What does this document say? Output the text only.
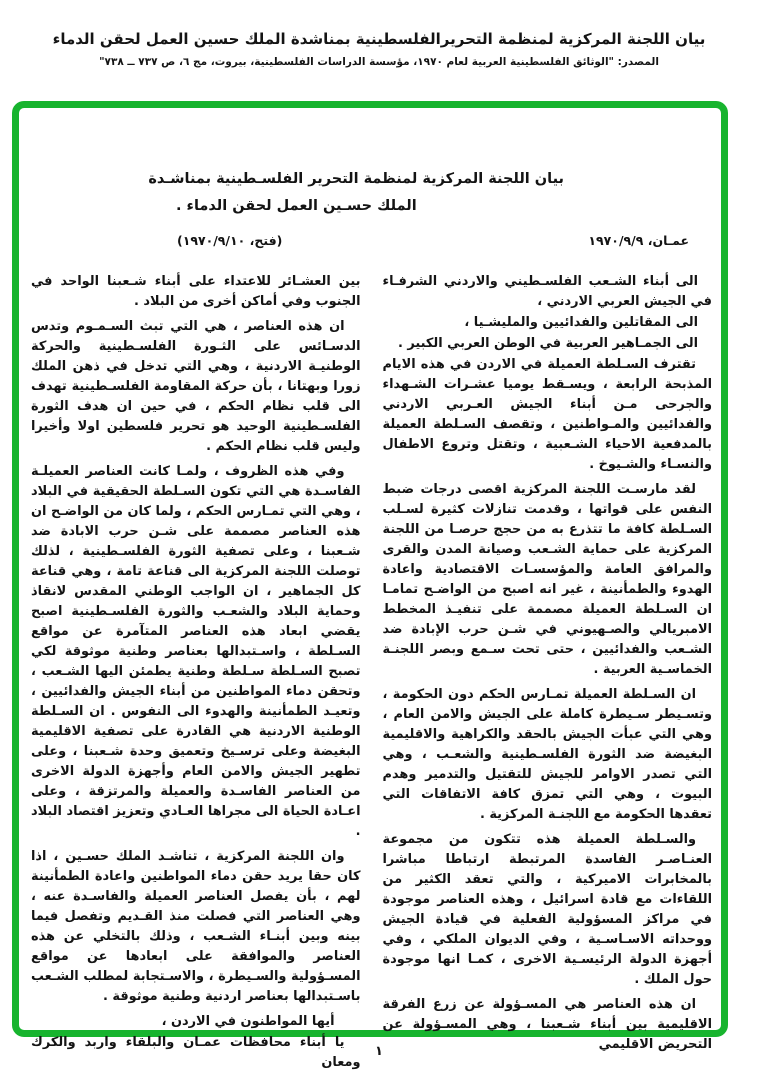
بيان اللجنة المركزية لمنظمة التحريرالفلسطينية بمناشدة الملك حسين العمل لحقن الدماء
المصدر: "الوثائق الفلسطينية العربية لعام ١٩٧٠، مؤسسة الدراسات الفلسطينية، بيروت، مج ٦، ص ٧٣٧ ــ ٧٣٨"
بيان اللجنة المركزية لمنظمة التحرير الفلسـطينية بمناشـدة
الملك حسـين العمل لحقن الدماء .
عمـان، ١٩٧٠/٩/٩
(فتح، ١٩٧٠/٩/١٠)

الى أبناء الشـعب الفلسـطيني والاردني الشرفـاء في الجيش العربي الاردني ،

الى المقاتلين والفدائيين والمليشـيا ،

الى الجمـاهير العربية في الوطن العربي الكبير .

تقترف السـلطة العميلة في الاردن في هذه الايام المذبحة الرابعة ، ويسـقط يوميا عشـرات الشـهداء والجرحى مـن أبناء الجيش العـربي الاردني والفدائيين والمـواطنين ، وتقصف السـلطة العميلة بالمدفعية الاحياء الشـعبية ، وتقتل وتروع الاطفال والنسـاء والشـيوخ .

لقد مارسـت اللجنة المركزية اقصى درجات ضبط النفس على قواتها ، وقدمت تنازلات كثيرة لسـلب السـلطة كافة ما تتذرع به من حجج حرصـا من اللجنة المركزية على حماية الشـعب وصيانة المدن والقرى والمرافق العامة والمؤسسـات الاقتصادية واعادة الهدوء والطمأنينة ، غير انه اصبح من الواضـح تمامـا ان السـلطة العميلة مصممة على تنفيـذ المخطط الامبريالي والصـهيوني في شـن حرب الإبادة ضد الشـعب والفدائيين ، حتى تحت سـمع وبصر اللجنـة الخماسـية العربية .

ان السـلطة العميلة تمـارس الحكم دون الحكومة ، وتسـيطر سـيطرة كاملة على الجيش والامن العام ، وهي التي عبأت الجيش بالحقد والكراهية والاقليمية البغيضة ضد الثورة الفلسـطينية والشعـب ، وهي التي تصدر الاوامر للجيش للتقتيل والتدمير وهدم البيوت ، وهي التي تمزق كافة الاتفاقات التي تعقدها الحكومة مع اللجنـة المركزية .

والسـلطة العميلة هذه تتكون من مجموعة العنـاصـر الفاسدة المرتبطة ارتباطا مباشرا بالمخابرات الاميركية ، والتي تعقد الكثير من اللقاءات مع قادة اسرائيل ، وهذه العناصر موجودة في مراكز المسؤولية الفعلية في قيادة الجيش ووحداته الاسـاسـية ، وفي الديوان الملكي ، وفي أجهزة الدولة الرئيسـية الاخرى ، كمـا انها موجودة حول الملك .

ان هذه العناصر هي المسـؤولة عن زرع الفرقة الاقليمية بين أبناء شـعبنا ، وهي المسـؤولة عن التحريض الاقليمي

بين العشـائر للاعتداء على أبناء شـعبنا الواحد في الجنوب وفي أماكن أخرى من البلاد .

ان هذه العناصر ، هي التي تبث السـمـوم وتدس الدسـائس على الثـورة الفلسـطينية والحركة الوطنيـة الاردنية ، وهي التي تدخل في ذهن الملك زورا وبهتانا ، بأن حركة المقاومة الفلسـطينية تهدف الى قلب نظام الحكم ، في حين ان هدف الثورة الفلسـطينية الوحيد هو تحرير فلسطين اولا وأخيرا وليس قلب نظام الحكم .

وفي هذه الظروف ، ولمـا كانت العناصر العميلـة الفاسـدة هي التي تكون السـلطة الحقيقية في البلاد ، وهي التي تمـارس الحكم ، ولما كان من الواضـح ان هذه العناصر مصممة على شـن حرب الابادة ضد شـعبنا ، وعلى تصفية الثورة الفلسـطينية ، لذلك توصلت اللجنة المركزية الى قناعة تامة ، وهي قناعة كل الجماهير ، ان الواجب الوطني المقدس لانقاذ وحماية البلاد والشعـب والثورة الفلسـطينية اصبح يقضي ابعاد هذه العناصر المتآمرة عن مواقع السـلطة ، واسـتبدالها بعناصر وطنية موثوقة لكي تصبح السـلطة سـلطة وطنية يطمئن اليها الشـعب ، وتحقن دماء المواطنين من أبناء الجيش والفدائيين ، وتعيـد الطمأنينة والهدوء الى النفوس . ان السـلطة الوطنية الاردنية هي القادرة على تصفية الاقليمية البغيضة وعلى ترسـيخ وتعميق وحدة شـعبنا ، وعلى تطهير الجيش والامن العام وأجهزة الدولة الاخرى من العناصر الفاسـدة والعميلة والمرتزقة ، وعلى اعـادة الحياة الى مجراها العـادي وتعزيز اقتصاد البلاد .

وان اللجنة المركزية ، تناشـد الملك حسـين ، اذا كان حقا يريد حقن دماء المواطنين واعادة الطمأنينة لهم ، بأن يفصل العناصر العميلة والفاسـدة عنه ، وهي العناصر التي فصلت منذ القـديم وتفصل فيما بينه وبين أبنـاء الشـعب ، وذلك بالتخلي عن هذه العناصر والموافقة على ابعادها عن مواقع المسـؤولية والسـيطرة ، والاسـتجابة لمطلب الشـعب باسـتبدالها بعناصر اردنية وطنية موثوقة .

أيها المواطنون في الاردن ،

يا أبناء محافظات عمـان والبلقاء واربد والكرك ومعان

١
